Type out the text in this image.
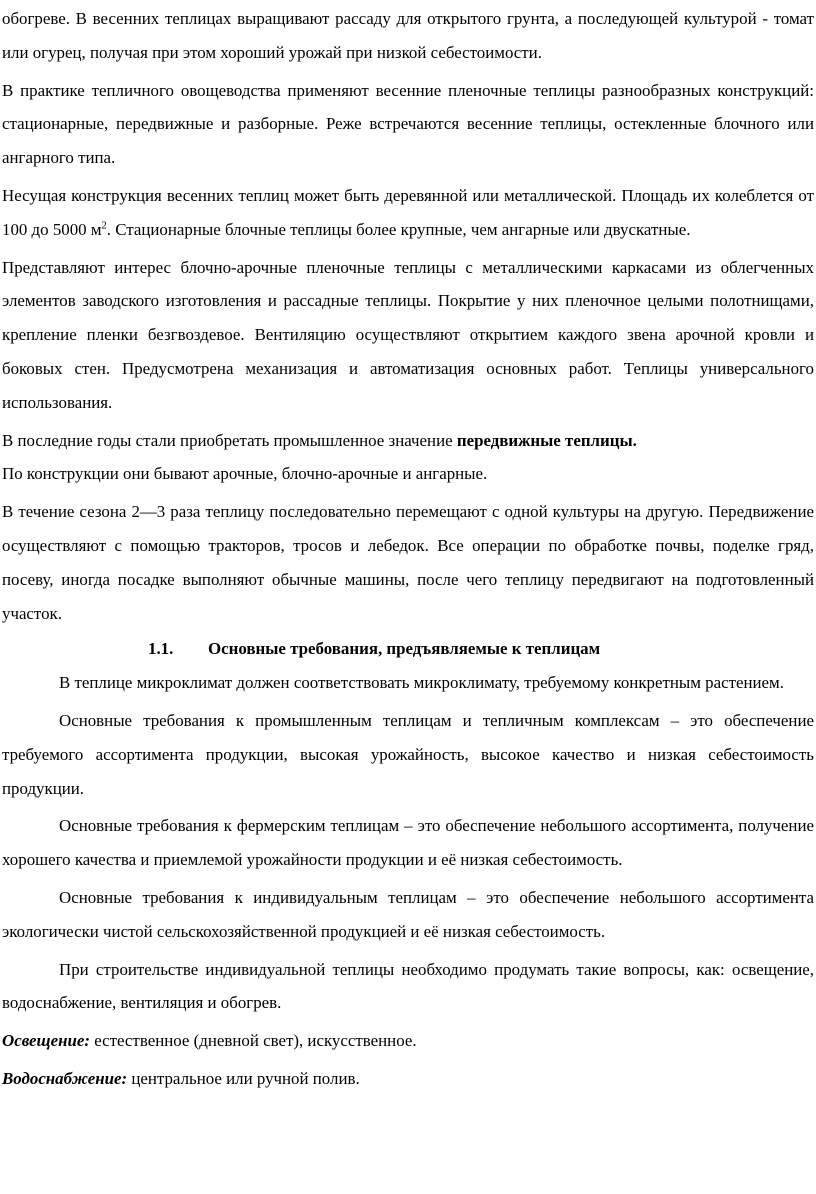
обогреве. В весенних теплицах выращивают рассаду для открытого грунта, а последующей культурой - томат или огурец, получая при этом хороший урожай при низкой себестоимости.

В практике тепличного овощеводства применяют весенние пленочные теплицы разнообразных конструкций: стационарные, передвижные и разборные. Реже встречаются весенние теплицы, остекленные блочного или ангарного типа.

Несущая конструкция весенних теплиц может быть деревянной или металлической. Площадь их колеблется от 100 до 5000 $м^2$. Стационарные блочные теплицы более крупные, чем ангарные или двускатные.

Представляют интерес блочно-арочные пленочные теплицы с металлическими каркасами из облегченных элементов заводского изготовления и рассадные теплицы. Покрытие у них пленочное целыми полотнищами, крепление пленки безгвоздевое. Вентиляцию осуществляют открытием каждого звена арочной кровли и боковых стен. Предусмотрена механизация и автоматизация основных работ. Теплицы универсального использования.

В последние годы стали приобретать промышленное значение передвижные теплицы.

По конструкции они бывают арочные, блочно-арочные и ангарные.

В течение сезона 2—3 раза теплицу последовательно перемещают с одной культуры на другую. Передвижение осуществляют с помощью тракторов, тросов и лебедок. Все операции по обработке почвы, поделке гряд, посеву, иногда посадке выполняют обычные машины, после чего теплицу передвигают на подготовленный участок.

1.1. Основные требования, предъявляемые к теплицам

В теплице микроклимат должен соответствовать микроклимату, требуемому конкретным растением.

Основные требования к промышленным теплицам и тепличным комплексам – это обеспечение требуемого ассортимента продукции, высокая урожайность, высокое качество и низкая себестоимость продукции.

Основные требования к фермерским теплицам – это обеспечение небольшого ассортимента, получение хорошего качества и приемлемой урожайности продукции и её низкая себестоимость.

Основные требования к индивидуальным теплицам – это обеспечение небольшого ассортимента экологически чистой сельскохозяйственной продукцией и её низкая себестоимость.

При строительстве индивидуальной теплицы необходимо продумать такие вопросы, как: освещение, водоснабжение, вентиляция и обогрев.

Освещение: естественное (дневной свет), искусственное.

Водоснабжение: центральное или ручной полив.
